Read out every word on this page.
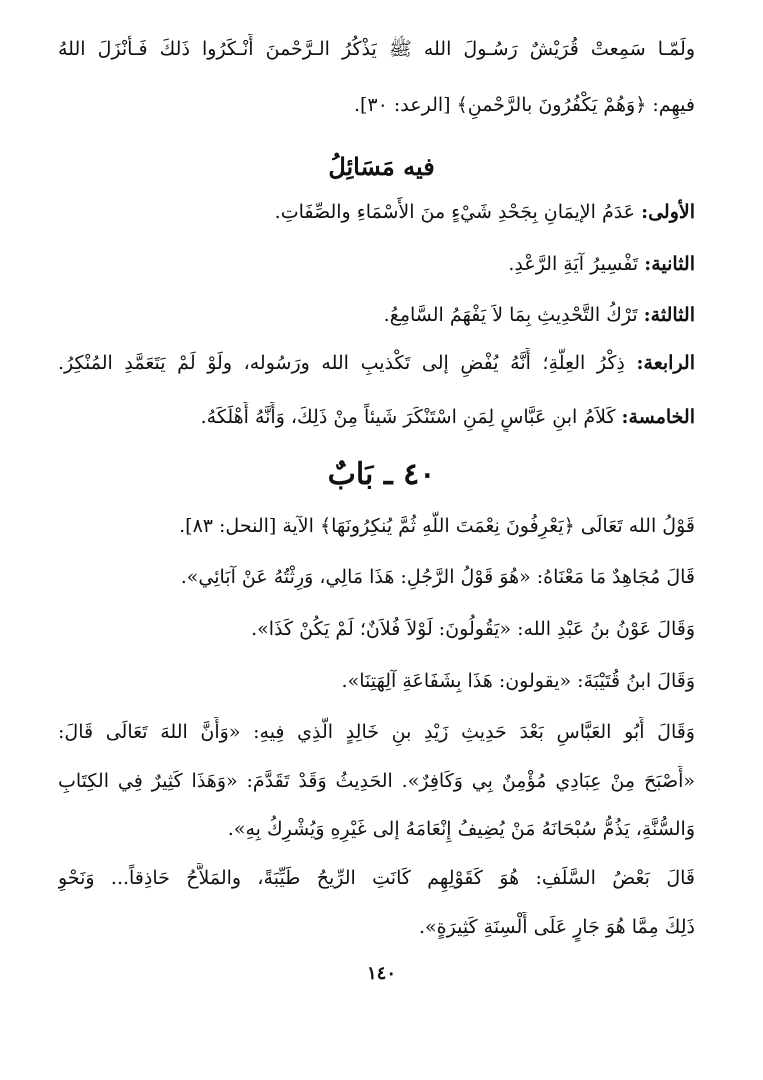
ولَمّـا سَمِعتْ قُرَيْشٌ رَسُـولَ الله ﷺ يَذْكُرُ الـرَّحْمنَ أَنْـكَرُوا ذَلكَ فَـأَنْزَلَ اللهُ
فيهِم: ﴿وَهُمْ يَكْفُرُونَ بالرَّحْمنِ﴾ [الرعد: ٣٠].
فيه مَسَائِلُ
الأولى: عَدَمُ الإيمَانِ بِجَحْدِ شَيْءٍ منَ الأَسْمَاءِ والصِّفَاتِ.
الثانية: تَفْسِيرُ آيَةِ الرَّعْدِ.
الثالثة: تَرْكُ التَّحْدِيثِ بِمَا لاَ يَفْهَمُ السَّامِعُ.
الرابعة: ذِكْرُ العِلَّةِ؛ أَنَّهُ يُفْضِ إلى تَكْذيبِ الله ورَسُوله، ولَوْ لَمْ يَتَعَمَّدِ المُنْكِرُ.
الخامسة: كَلاَمُ ابنِ عَبَّاسٍ لِمَنِ اسْتَنْكَرَ شَيئاً مِنْ ذَلِكَ، وَأَنَّهُ أَهْلَكَهُ.
٤٠ ـ بَابٌ
قَوْلُ الله تَعَالَى ﴿يَعْرِفُونَ نِعْمَتَ اللَّهِ ثُمَّ يُنكِرُونَهَا﴾ الآية [النحل: ٨٣].
قَالَ مُجَاهِدٌ مَا مَعْنَاهُ: «هُوَ قَوْلُ الرَّجُلِ: هَذَا مَالِي، وَرِثْتُهُ عَنْ آبَائِي».
وَقَالَ عَوْنُ بنُ عَبْدِ الله: «يَقُولُونَ: لَوْلاَ فُلاَنٌ؛ لَمْ يَكُنْ كَذَا».
وَقَالَ ابنُ قُتَيْبَةَ: «يقولون: هَذَا بِشَفَاعَةِ آلِهَتِنَا».
وَقَالَ أَبُو العَبَّاسِ بَعْدَ حَدِيثِ زَيْدِ بنِ خَالِدٍ الَّذِي فِيهِ: «وَأَنَّ اللهَ تَعَالَى قَالَ:
«أَصْبَحَ مِنْ عِبَادِي مُؤْمِنٌ بِي وَكَافِرٌ». الحَدِيثُ وَقَدْ تَقَدَّمَ: «وَهَذَا كَثِيرٌ فِي الكِتَابِ
وَالسُّنَّةِ، يَذُمُّ سُبْحَانَهُ مَنْ يُضِيفُ إِنْعَامَهُ إلى غَيْرِهِ وَيُشْرِكُ بِهِ».
قَالَ بَعْضُ السَّلَفِ: هُوَ كَقَوْلِهِم كَانَتِ الرِّيحُ طَيِّبَةً، والمَلاَّحُ حَاذِقاً... وَنَحْوِ
ذَلِكَ مِمَّا هُوَ جَارٍ عَلَى أَلْسِنَةِ كَثِيرَةٍ».
١٤٠
